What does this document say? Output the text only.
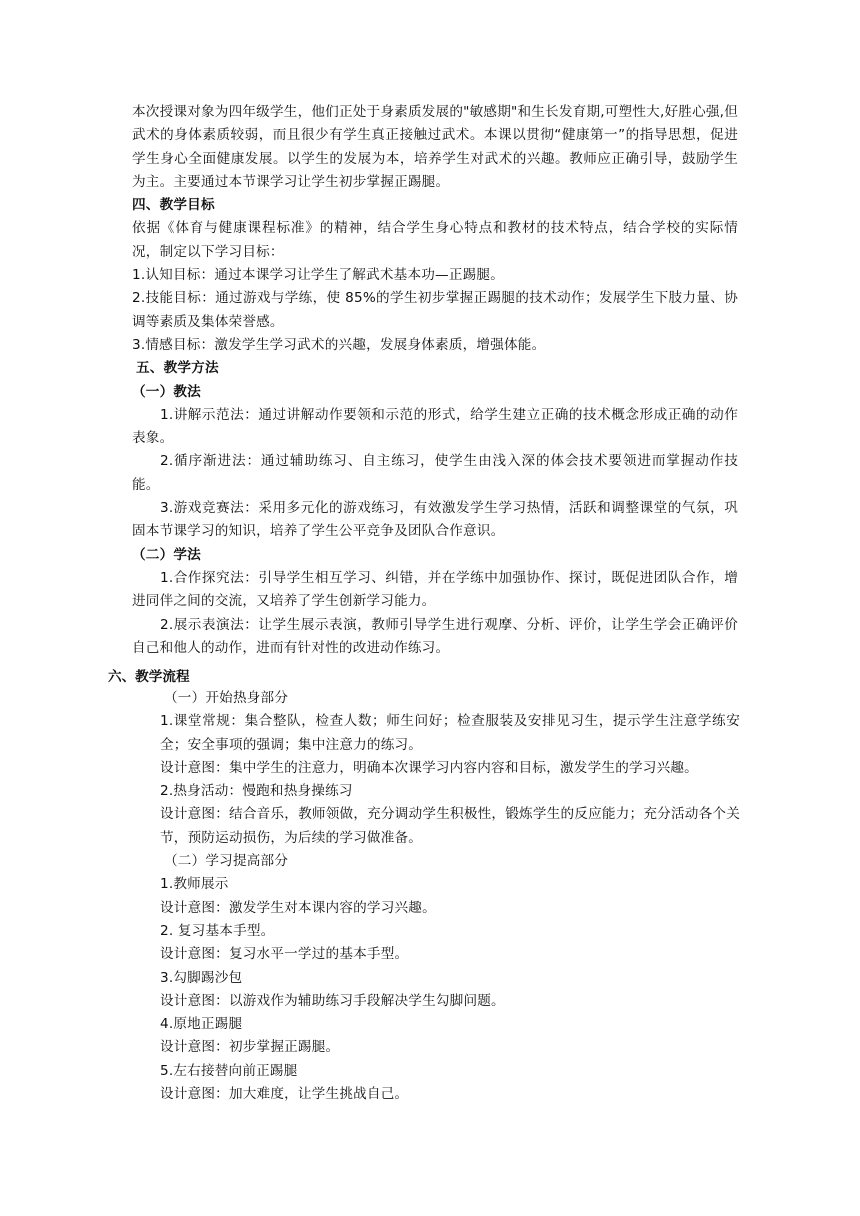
本次授课对象为四年级学生，他们正处于身素质发展的"敏感期"和生长发育期,可塑性大,好胜心强,但武术的身体素质较弱，而且很少有学生真正接触过武术。本课以贯彻“健康第一”的指导思想，促进学生身心全面健康发展。以学生的发展为本，培养学生对武术的兴趣。教师应正确引导，鼓励学生为主。主要通过本节课学习让学生初步掌握正踢腿。

四、教学目标

依据《体育与健康课程标准》的精神，结合学生身心特点和教材的技术特点，结合学校的实际情况，制定以下学习目标：

1.认知目标：通过本课学习让学生了解武术基本功—正踢腿。

2.技能目标：通过游戏与学练，使 85%的学生初步掌握正踢腿的技术动作；发展学生下肢力量、协调等素质及集体荣誉感。

3.情感目标：激发学生学习武术的兴趣，发展身体素质，增强体能。

五、教学方法

（一）教法

1.讲解示范法：通过讲解动作要领和示范的形式，给学生建立正确的技术概念形成正确的动作表象。

2.循序渐进法：通过辅助练习、自主练习，使学生由浅入深的体会技术要领进而掌握动作技能。

3.游戏竞赛法：采用多元化的游戏练习，有效激发学生学习热情，活跃和调整课堂的气氛，巩固本节课学习的知识，培养了学生公平竞争及团队合作意识。

（二）学法

1.合作探究法：引导学生相互学习、纠错，并在学练中加强协作、探讨，既促进团队合作，增进同伴之间的交流，又培养了学生创新学习能力。

2.展示表演法：让学生展示表演，教师引导学生进行观摩、分析、评价，让学生学会正确评价自己和他人的动作，进而有针对性的改进动作练习。

六、教学流程

（一）开始热身部分

1.课堂常规：集合整队，检查人数；师生问好；检查服装及安排见习生，提示学生注意学练安全；安全事项的强调；集中注意力的练习。

设计意图：集中学生的注意力，明确本次课学习内容内容和目标，激发学生的学习兴趣。

2.热身活动：慢跑和热身操练习

设计意图：结合音乐，教师领做，充分调动学生积极性，锻炼学生的反应能力；充分活动各个关节，预防运动损伤，为后续的学习做准备。

（二）学习提高部分

1.教师展示

设计意图：激发学生对本课内容的学习兴趣。

2. 复习基本手型。

设计意图：复习水平一学过的基本手型。

3.勾脚踢沙包

设计意图：以游戏作为辅助练习手段解决学生勾脚问题。

4.原地正踢腿

设计意图：初步掌握正踢腿。

5.左右接替向前正踢腿

设计意图：加大难度，让学生挑战自己。
